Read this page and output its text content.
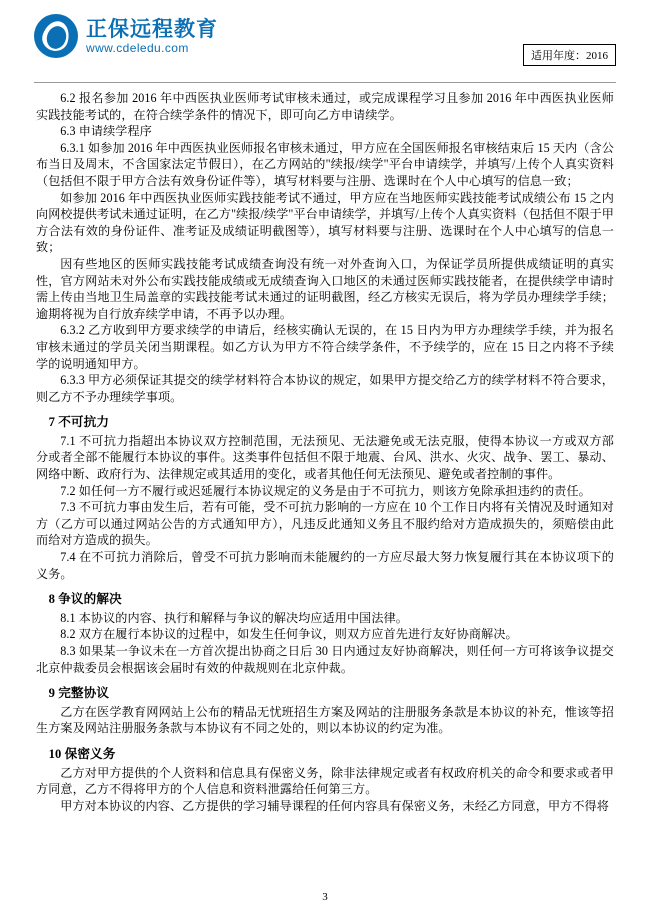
正保远程教育
www.cdeledu.com
适用年度：2016

6.2 报名参加 2016 年中西医执业医师考试审核未通过，或完成课程学习且参加 2016 年中西医执业医师实践技能考试的，在符合续学条件的情况下，即可向乙方申请续学。

6.3 申请续学程序

6.3.1 如参加 2016 年中西医执业医师报名审核未通过，甲方应在全国医师报名审核结束后 15 天内（含公布当日及周末，不含国家法定节假日），在乙方网站的"续报/续学"平台申请续学，并填写/上传个人真实资料（包括但不限于甲方合法有效身份证件等），填写材料要与注册、选课时在个人中心填写的信息一致；

如参加 2016 年中西医执业医师实践技能考试不通过，甲方应在当地医师实践技能考试成绩公布 15 之内向网校提供考试未通过证明，在乙方"续报/续学"平台申请续学，并填写/上传个人真实资料（包括但不限于甲方合法有效的身份证件、准考证及成绩证明截图等），填写材料要与注册、选课时在个人中心填写的信息一致；

因有些地区的医师实践技能考试成绩查询没有统一对外查询入口，为保证学员所提供成绩证明的真实性，官方网站未对外公布实践技能成绩或无成绩查询入口地区的未通过医师实践技能者，在提供续学申请时需上传由当地卫生局盖章的实践技能考试未通过的证明截图，经乙方核实无误后，将为学员办理续学手续；逾期将视为自行放弃续学申请，不再予以办理。

6.3.2 乙方收到甲方要求续学的申请后，经核实确认无误的，在 15 日内为甲方办理续学手续，并为报名审核未通过的学员关闭当期课程。如乙方认为甲方不符合续学条件，不予续学的，应在 15 日之内将不予续学的说明通知甲方。

6.3.3 甲方必须保证其提交的续学材料符合本协议的规定，如果甲方提交给乙方的续学材料不符合要求，则乙方不予办理续学事项。

7 不可抗力

7.1 不可抗力指超出本协议双方控制范围，无法预见、无法避免或无法克服，使得本协议一方或双方部分或者全部不能履行本协议的事件。这类事件包括但不限于地震、台风、洪水、火灾、战争、罢工、暴动、网络中断、政府行为、法律规定或其适用的变化，或者其他任何无法预见、避免或者控制的事件。

7.2 如任何一方不履行或迟延履行本协议规定的义务是由于不可抗力，则该方免除承担违约的责任。

7.3 不可抗力事由发生后，若有可能，受不可抗力影响的一方应在 10 个工作日内将有关情况及时通知对方（乙方可以通过网站公告的方式通知甲方），凡违反此通知义务且不服约给对方造成损失的，须赔偿由此而给对方造成的损失。

7.4 在不可抗力消除后，曾受不可抗力影响而未能履约的一方应尽最大努力恢复履行其在本协议项下的义务。

8 争议的解决

8.1 本协议的内容、执行和解释与争议的解决均应适用中国法律。

8.2 双方在履行本协议的过程中，如发生任何争议，则双方应首先进行友好协商解决。

8.3 如果某一争议未在一方首次提出协商之日后 30 日内通过友好协商解决，则任何一方可将该争议提交北京仲裁委员会根据该会届时有效的仲裁规则在北京仲裁。

9 完整协议

乙方在医学教育网网站上公布的精品无忧班招生方案及网站的注册服务条款是本协议的补充，惟该等招生方案及网站注册服务条款与本协议有不同之处的，则以本协议的约定为准。

10 保密义务

乙方对甲方提供的个人资料和信息具有保密义务，除非法律规定或者有权政府机关的命令和要求或者甲方同意，乙方不得将甲方的个人信息和资料泄露给任何第三方。

甲方对本协议的内容、乙方提供的学习辅导课程的任何内容具有保密义务，未经乙方同意，甲方不得将

3
